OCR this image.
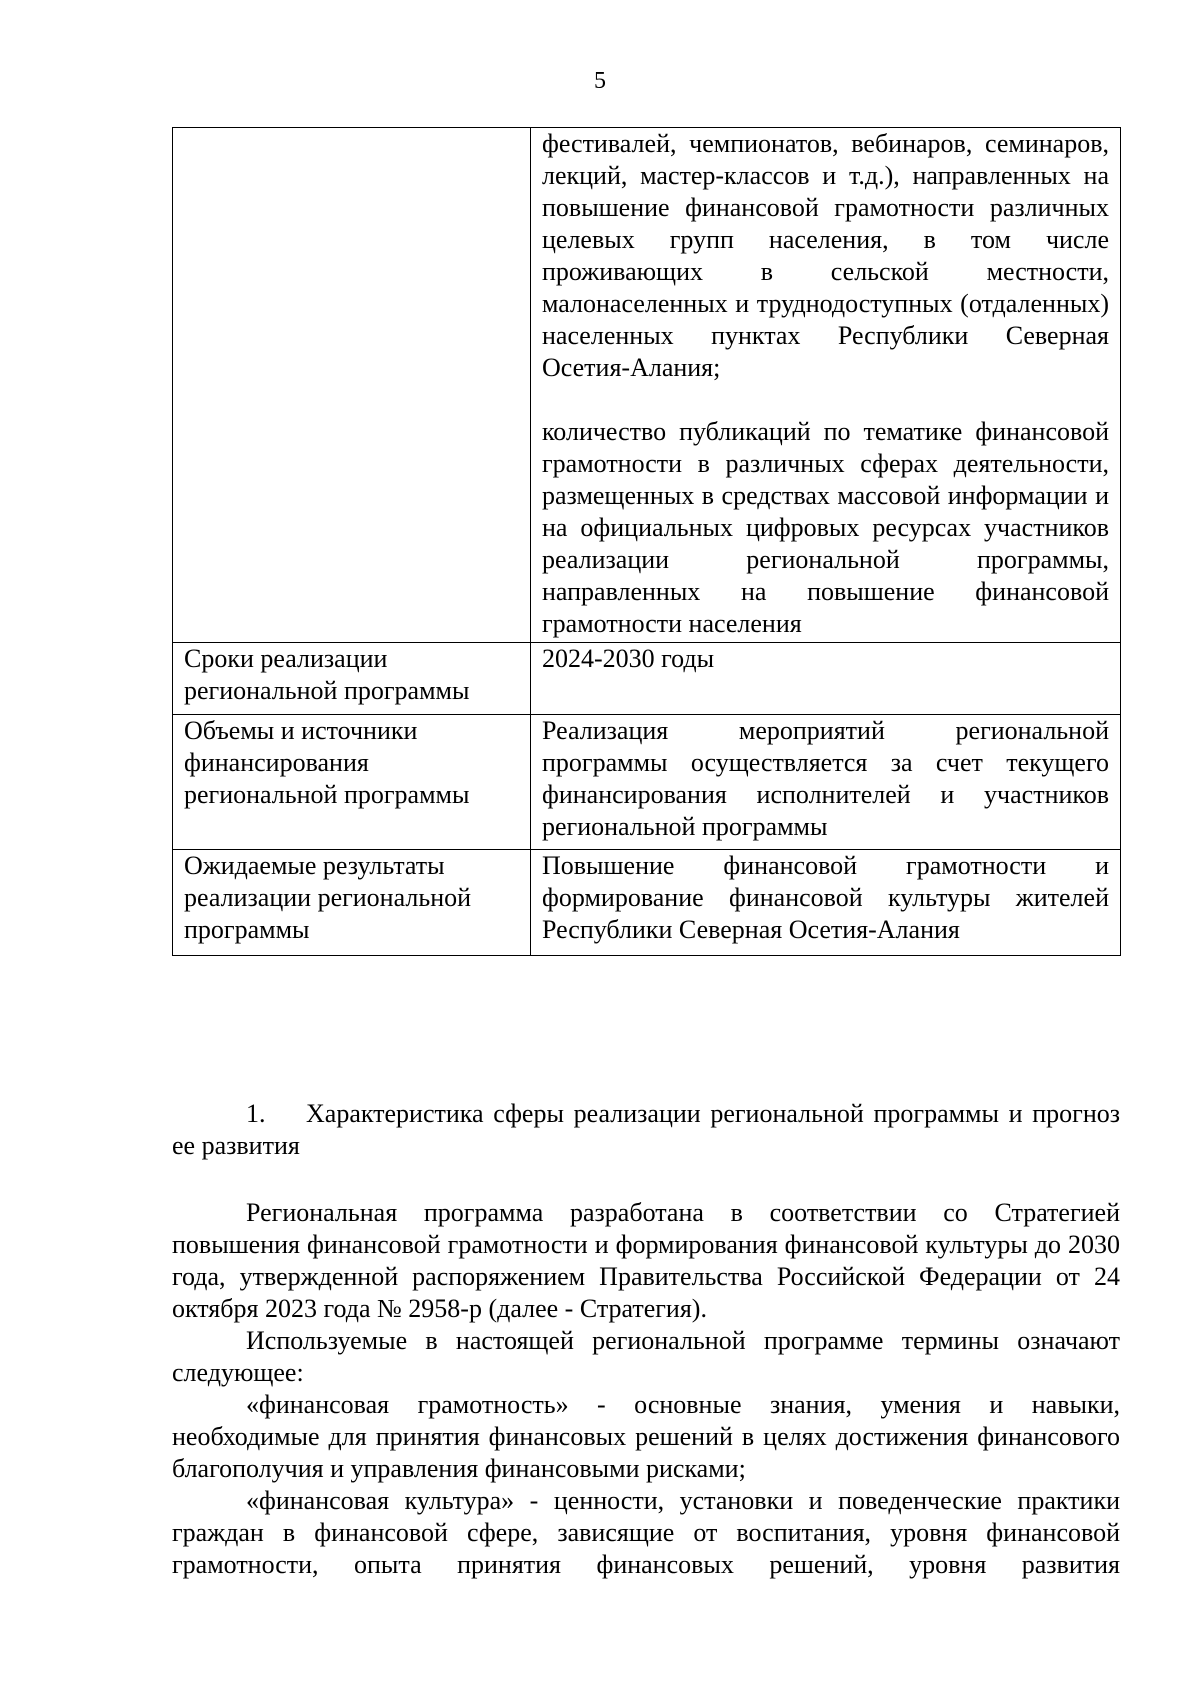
5

	фестивалей, чемпионатов, вебинаров, семинаров, лекций, мастер-классов и т.д.), направленных на повышение финансовой грамотности различных целевых групп населения, в том числе проживающих в сельской местности, малонаселенных и труднодоступных (отдаленных) населенных пунктах Республики Северная Осетия-Алания;
количество публикаций по тематике финансовой грамотности в различных сферах деятельности, размещенных в средствах массовой информации и на официальных цифровых ресурсах участников реализации региональной программы, направленных на повышение финансовой грамотности населения

Сроки реализации региональной программы	2024-2030 годы

Объемы и источники финансирования региональной программы	Реализация мероприятий региональной программы осуществляется за счет текущего финансирования исполнителей и участников региональной программы

Ожидаемые результаты реализации региональной программы	Повышение финансовой грамотности и формирование финансовой культуры жителей Республики Северная Осетия-Алания
1. Характеристика сферы реализации региональной программы и прогноз ее развития

Региональная программа разработана в соответствии со Стратегией повышения финансовой грамотности и формирования финансовой культуры до 2030 года, утвержденной распоряжением Правительства Российской Федерации от 24 октября 2023 года № 2958-р (далее - Стратегия).

Используемые в настоящей региональной программе термины означают следующее:

«финансовая грамотность» - основные знания, умения и навыки, необходимые для принятия финансовых решений в целях достижения финансового благополучия и управления финансовыми рисками;

«финансовая культура» - ценности, установки и поведенческие практики граждан в финансовой сфере, зависящие от воспитания, уровня финансовой грамотности, опыта принятия финансовых решений, уровня развития
